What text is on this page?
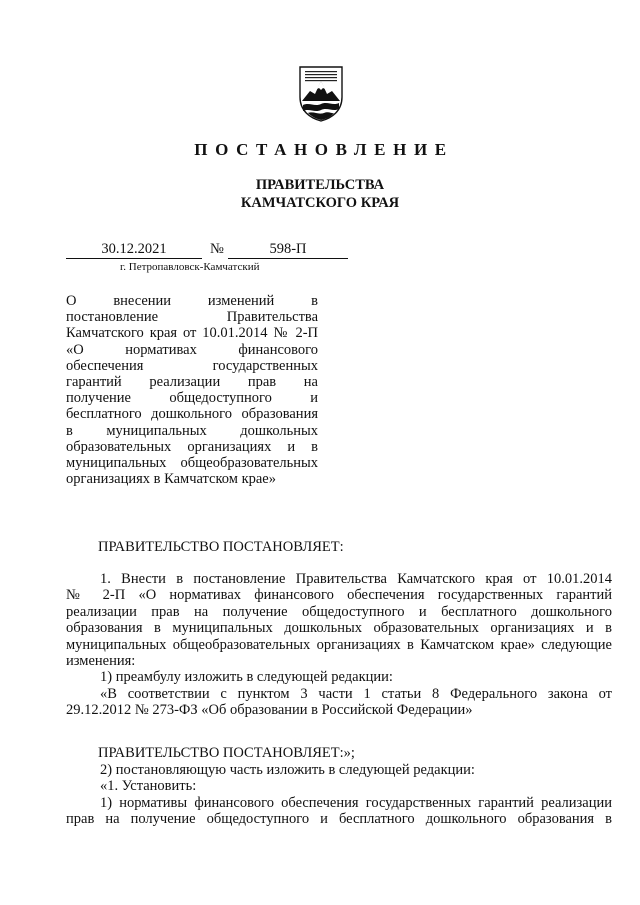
ПОСТАНОВЛЕНИЕ
ПРАВИТЕЛЬСТВА
КАМЧАТСКОГО КРАЯ
30.12.2021	№	598-П
г. Петропавловск-Камчатский
О внесении изменений в
постановление Правительства
Камчатского края от 10.01.2014 № 2-П
«О нормативах финансового
обеспечения государственных
гарантий реализации прав на
получение общедоступного и
бесплатного дошкольного образования
в муниципальных дошкольных
образовательных организациях и в
муниципальных общеобразовательных
организациях в Камчатском крае»
ПРАВИТЕЛЬСТВО ПОСТАНОВЛЯЕТ:
1. Внести в постановление Правительства Камчатского края от 10.01.2014
№ 2-П «О нормативах финансового обеспечения государственных гарантий
реализации прав на получение общедоступного и бесплатного дошкольного
образования в муниципальных дошкольных образовательных организациях и в
муниципальных общеобразовательных организациях в Камчатском крае» следующие
изменения:
1) преамбулу изложить в следующей редакции:
«В соответствии с пунктом 3 части 1 статьи 8 Федерального закона от
29.12.2012 № 273-ФЗ «Об образовании в Российской Федерации»
ПРАВИТЕЛЬСТВО ПОСТАНОВЛЯЕТ:»;
2) постановляющую часть изложить в следующей редакции:
«1. Установить:
1) нормативы финансового обеспечения государственных гарантий реализации
прав на получение общедоступного и бесплатного дошкольного образования в
